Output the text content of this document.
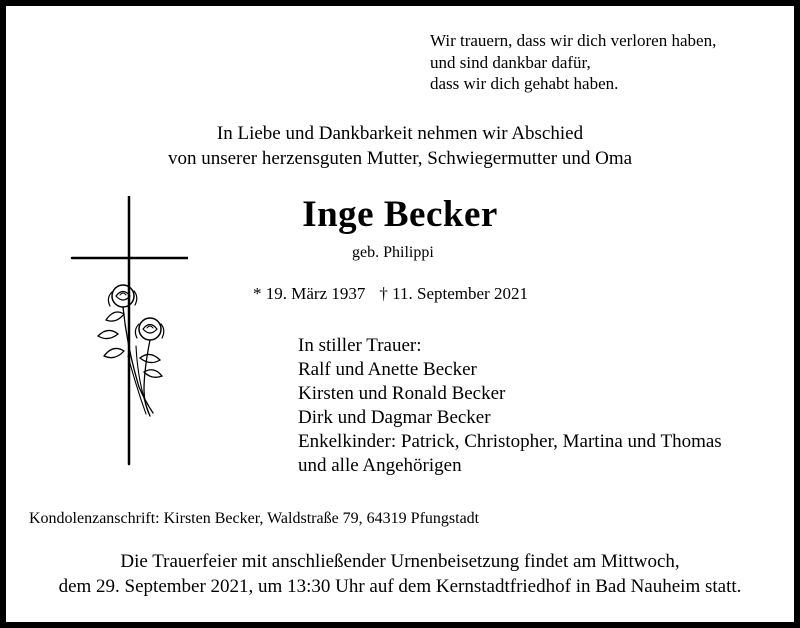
Wir trauern, dass wir dich verloren haben,
und sind dankbar dafür,
dass wir dich gehabt haben.
In Liebe und Dankbarkeit nehmen wir Abschied
von unserer herzensguten Mutter, Schwiegermutter und Oma
Inge Becker
geb. Philippi
* 19. März 1937 † 11. September 2021
In stiller Trauer:
Ralf und Anette Becker
Kirsten und Ronald Becker
Dirk und Dagmar Becker
Enkelkinder: Patrick, Christopher, Martina und Thomas
und alle Angehörigen
Kondolenzanschrift: Kirsten Becker, Waldstraße 79, 64319 Pfungstadt
Die Trauerfeier mit anschließender Urnenbeisetzung findet am Mittwoch,
dem 29. September 2021, um 13:30 Uhr auf dem Kernstadtfriedhof in Bad Nauheim statt.
